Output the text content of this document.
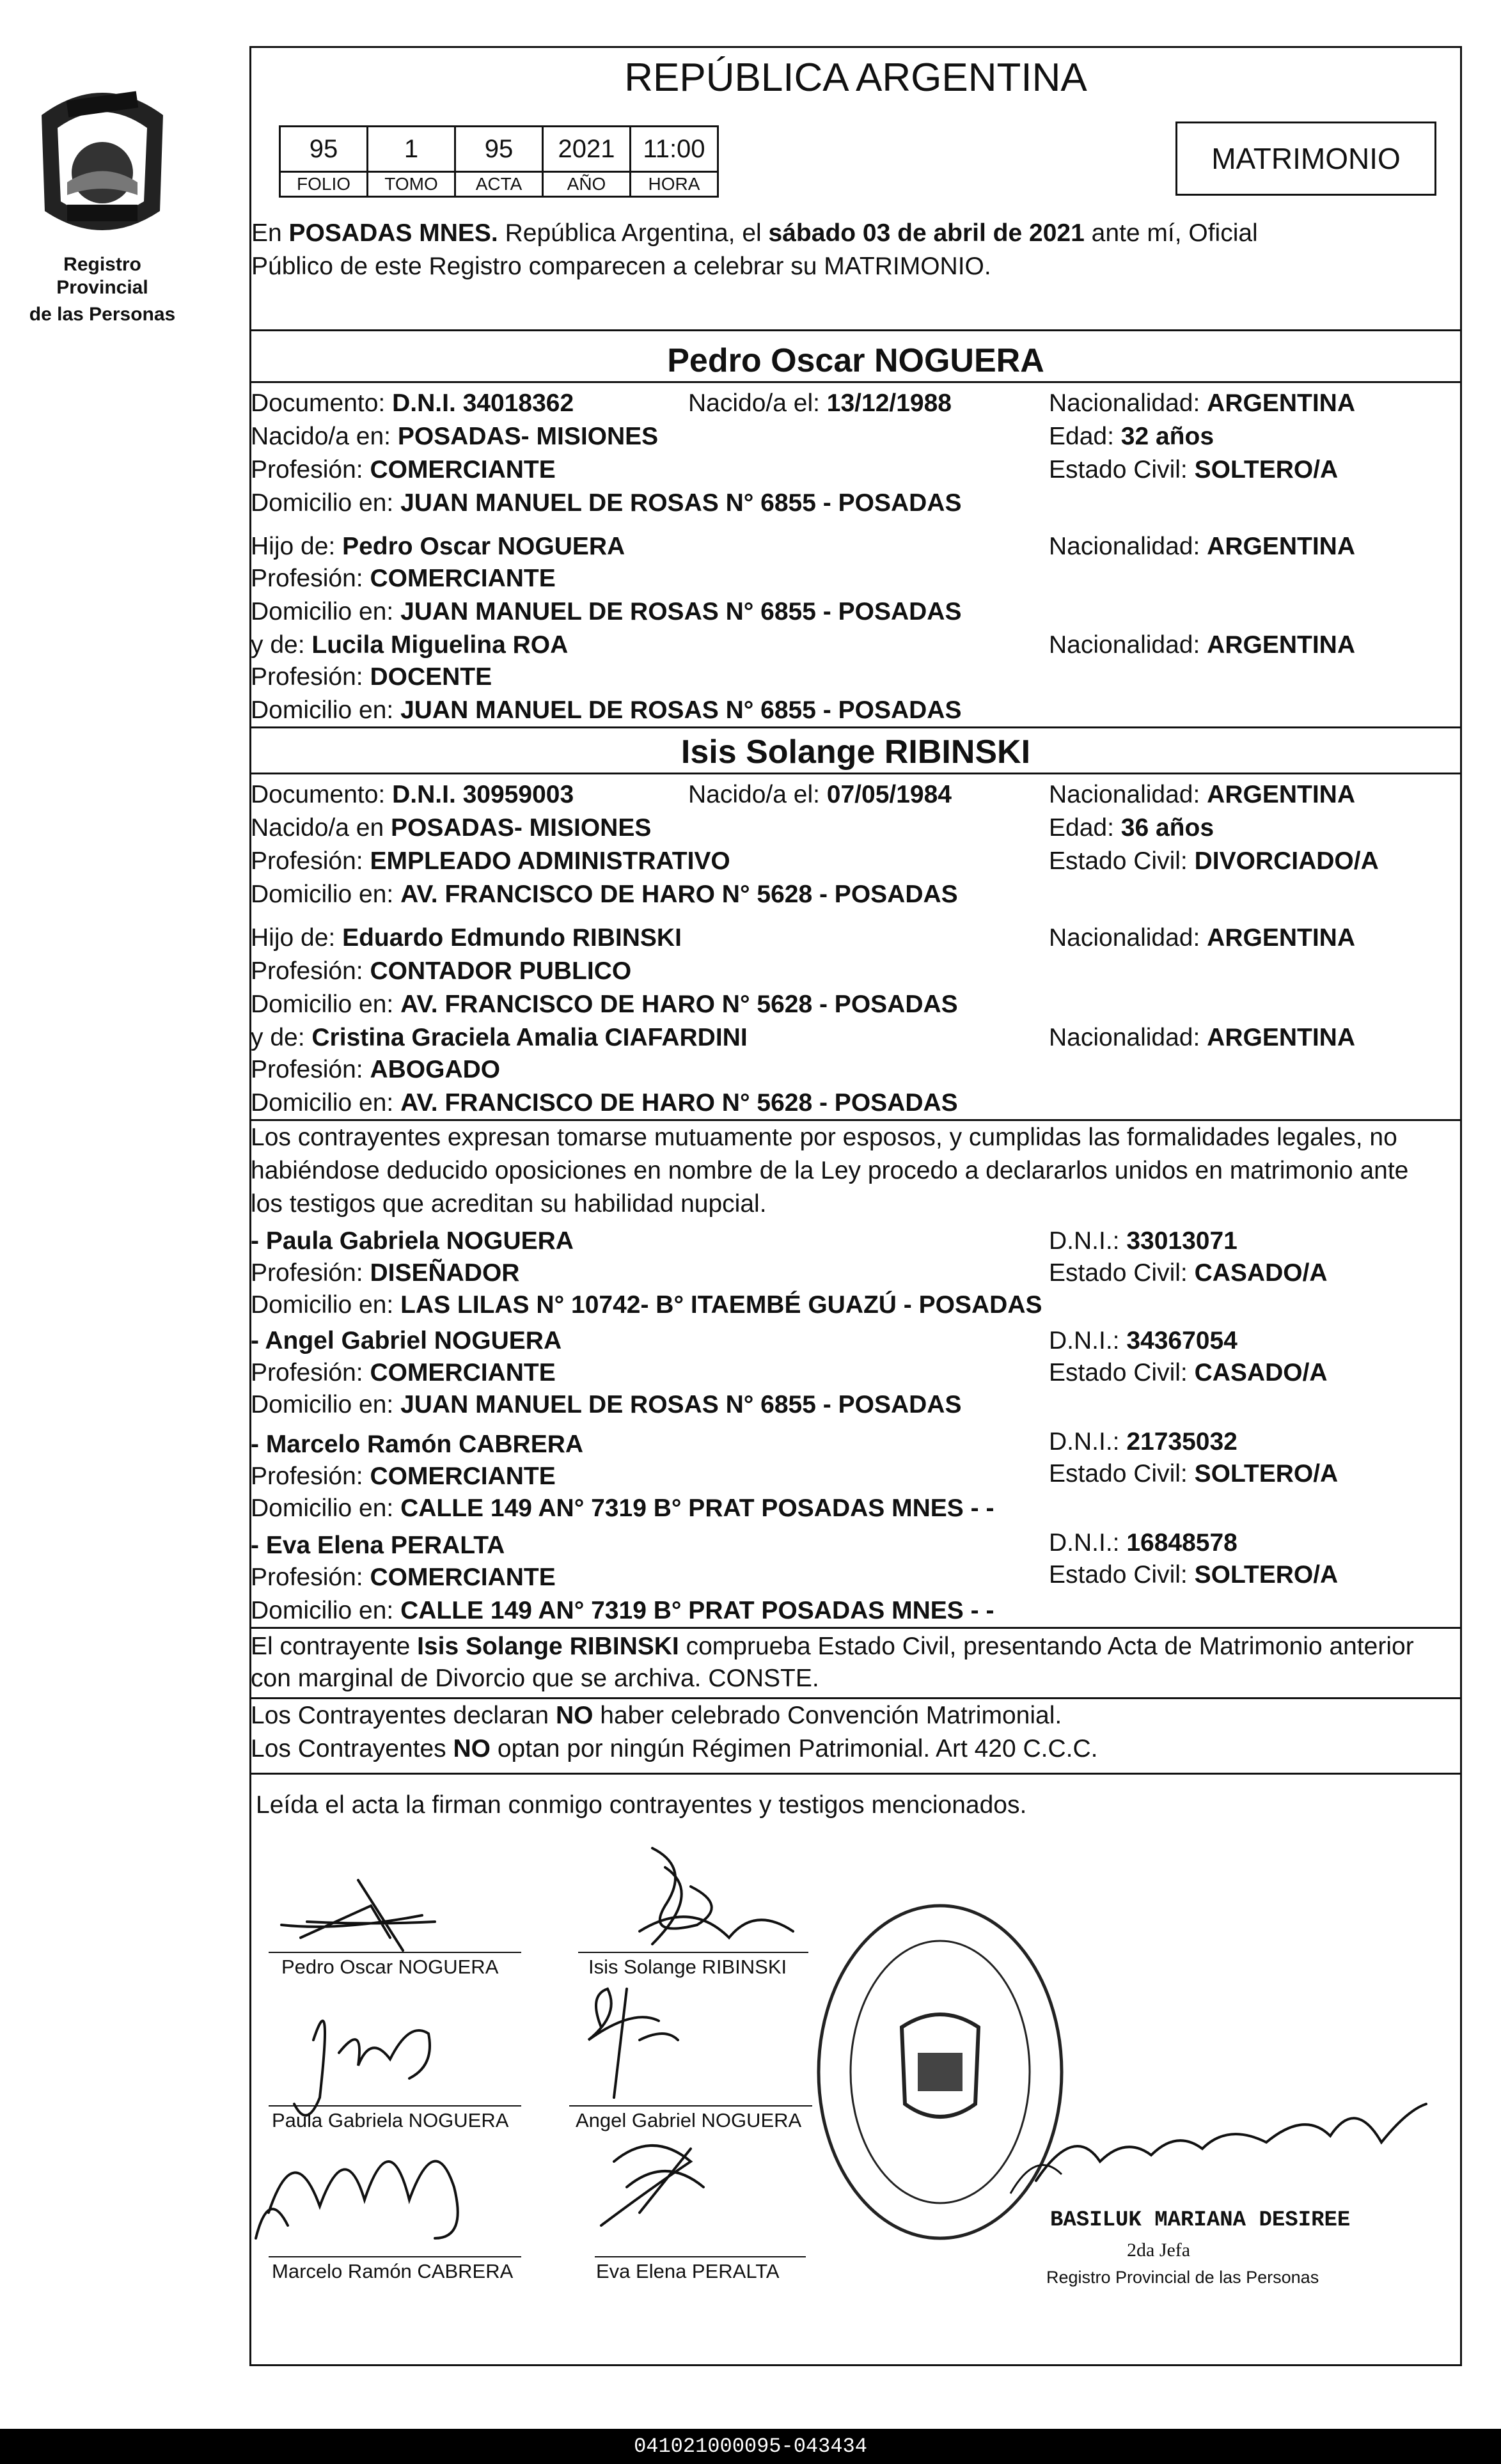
Registro Provincial
de las Personas
REPÚBLICA ARGENTINA
95	1	95	2021	11:00
FOLIO	TOMO	ACTA	AÑO	HORA
MATRIMONIO
En POSADAS MNES. República Argentina, el sábado 03 de abril de 2021 ante mí, Oficial
Público de este Registro comparecen a celebrar su MATRIMONIO.
Pedro Oscar NOGUERA
Documento: D.N.I. 34018362	Nacido/a el: 13/12/1988	Nacionalidad: ARGENTINA
Nacido/a en: POSADAS- MISIONES	Edad: 32 años
Profesión: COMERCIANTE	Estado Civil: SOLTERO/A
Domicilio en: JUAN MANUEL DE ROSAS N° 6855 - POSADAS
Hijo de: Pedro Oscar NOGUERA	Nacionalidad: ARGENTINA
Profesión: COMERCIANTE
Domicilio en: JUAN MANUEL DE ROSAS N° 6855 - POSADAS
y de: Lucila Miguelina ROA	Nacionalidad: ARGENTINA
Profesión: DOCENTE
Domicilio en: JUAN MANUEL DE ROSAS N° 6855 - POSADAS
Isis Solange RIBINSKI
Documento: D.N.I. 30959003	Nacido/a el: 07/05/1984	Nacionalidad: ARGENTINA
Nacido/a en POSADAS- MISIONES	Edad: 36 años
Profesión: EMPLEADO ADMINISTRATIVO	Estado Civil: DIVORCIADO/A
Domicilio en: AV. FRANCISCO DE HARO N° 5628 - POSADAS
Hijo de: Eduardo Edmundo RIBINSKI	Nacionalidad: ARGENTINA
Profesión: CONTADOR PUBLICO
Domicilio en: AV. FRANCISCO DE HARO N° 5628 - POSADAS
y de: Cristina Graciela Amalia CIAFARDINI	Nacionalidad: ARGENTINA
Profesión: ABOGADO
Domicilio en: AV. FRANCISCO DE HARO N° 5628 - POSADAS
Los contrayentes expresan tomarse mutuamente por esposos, y cumplidas las formalidades legales, no
habiéndose deducido oposiciones en nombre de la Ley procedo a declararlos unidos en matrimonio ante
los testigos que acreditan su habilidad nupcial.
- Paula Gabriela NOGUERA	D.N.I.: 33013071
Profesión: DISEÑADOR	Estado Civil: CASADO/A
Domicilio en: LAS LILAS N° 10742- B° ITAEMBÉ GUAZÚ - POSADAS
- Angel Gabriel NOGUERA	D.N.I.: 34367054
Profesión: COMERCIANTE	Estado Civil: CASADO/A
Domicilio en: JUAN MANUEL DE ROSAS N° 6855 - POSADAS
- Marcelo Ramón CABRERA	D.N.I.: 21735032
Profesión: COMERCIANTE	Estado Civil: SOLTERO/A
Domicilio en: CALLE 149 AN° 7319 B° PRAT POSADAS MNES - -
- Eva Elena PERALTA	D.N.I.: 16848578
Profesión: COMERCIANTE	Estado Civil: SOLTERO/A
Domicilio en: CALLE 149 AN° 7319 B° PRAT POSADAS MNES - -
El contrayente Isis Solange RIBINSKI comprueba Estado Civil, presentando Acta de Matrimonio anterior
con marginal de Divorcio que se archiva. CONSTE.
Los Contrayentes declaran NO haber celebrado Convención Matrimonial.
Los Contrayentes NO optan por ningún Régimen Patrimonial. Art 420 C.C.C.
Leída el acta la firman conmigo contrayentes y testigos mencionados.
Pedro Oscar NOGUERA	Isis Solange RIBINSKI
Paula Gabriela NOGUERA	Angel Gabriel NOGUERA
Marcelo Ramón CABRERA	Eva Elena PERALTA
BASILUK MARIANA DESIREE
2da Jefa
Registro Provincial de las Personas
041021000095-043434
